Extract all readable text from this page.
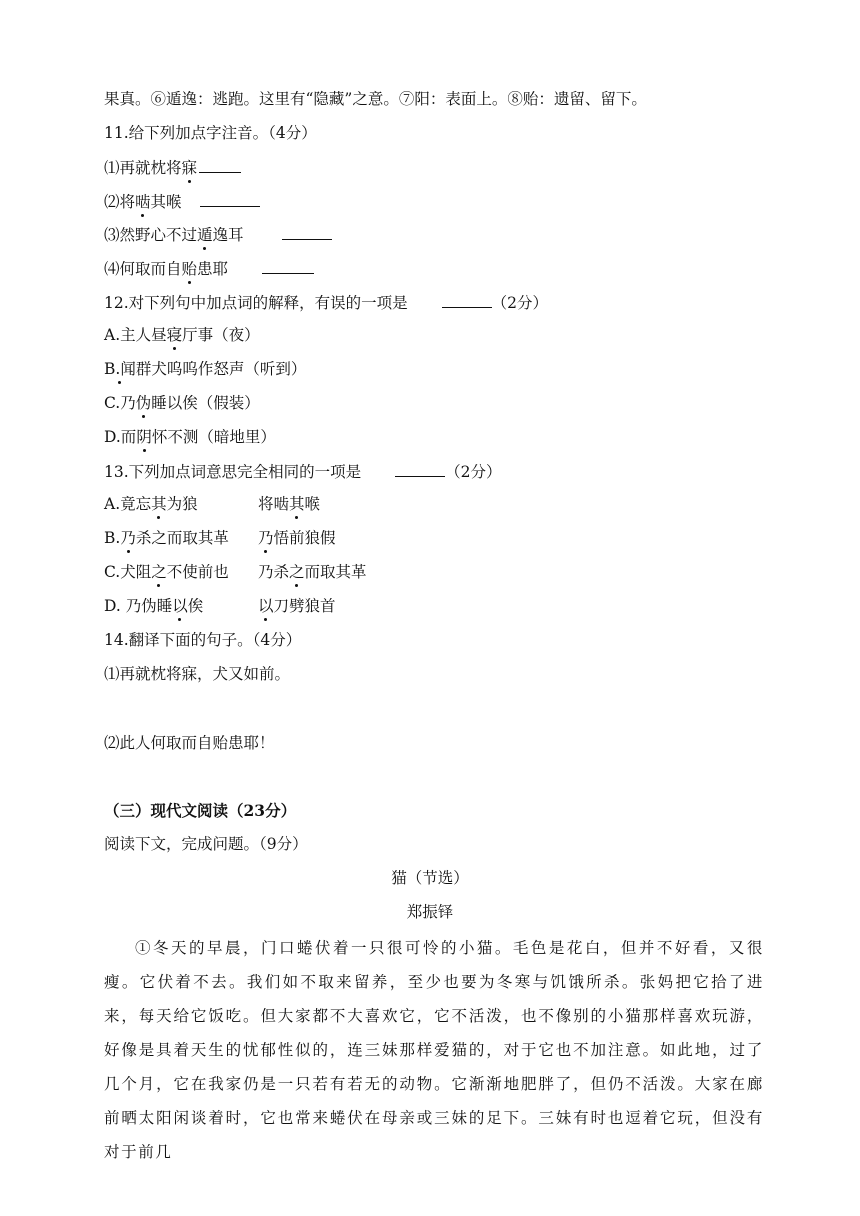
果真。⑥遁逸：逃跑。这里有“隐藏”之意。⑦阳：表面上。⑧贻：遗留、留下。
11.给下列加点字注音。（4分）
⑴再就枕将寐
⑵将啮其喉
⑶然野心不过遁逸耳
⑷何取而自贻患耶
12.对下列句中加点词的解释，有误的一项是	（2分）
A.主人昼寝厅事（夜）
B.闻群犬呜呜作怒声（听到）
C.乃伪睡以俟（假装）
D.而阴怀不测（暗地里）
13.下列加点词意思完全相同的一项是	（2分）
A.竟忘其为狼	将啮其喉
B.乃杀之而取其革 乃悟前狼假
C.犬阻之不使前也 乃杀之而取其革
D. 乃伪睡以俟	以刀劈狼首
14.翻译下面的句子。（4分）
⑴再就枕将寐，犬又如前。
⑵此人何取而自贻患耶！
（三）现代文阅读（23分）
阅读下文，完成问题。（9分）
猫（节选）
郑振铎
①冬天的早晨，门口蜷伏着一只很可怜的小猫。毛色是花白，但并不好看，又很瘦。它伏着不去。我们如不取来留养，至少也要为冬寒与饥饿所杀。张妈把它拾了进来，每天给它饭吃。但大家都不大喜欢它，它不活泼，也不像别的小猫那样喜欢玩游，好像是具着天生的忧郁性似的，连三妹那样爱猫的，对于它也不加注意。如此地，过了几个月，它在我家仍是一只若有若无的动物。它渐渐地肥胖了，但仍不活泼。大家在廊前晒太阳闲谈着时，它也常来蜷伏在母亲或三妹的足下。三妹有时也逗着它玩，但没有对于前几
